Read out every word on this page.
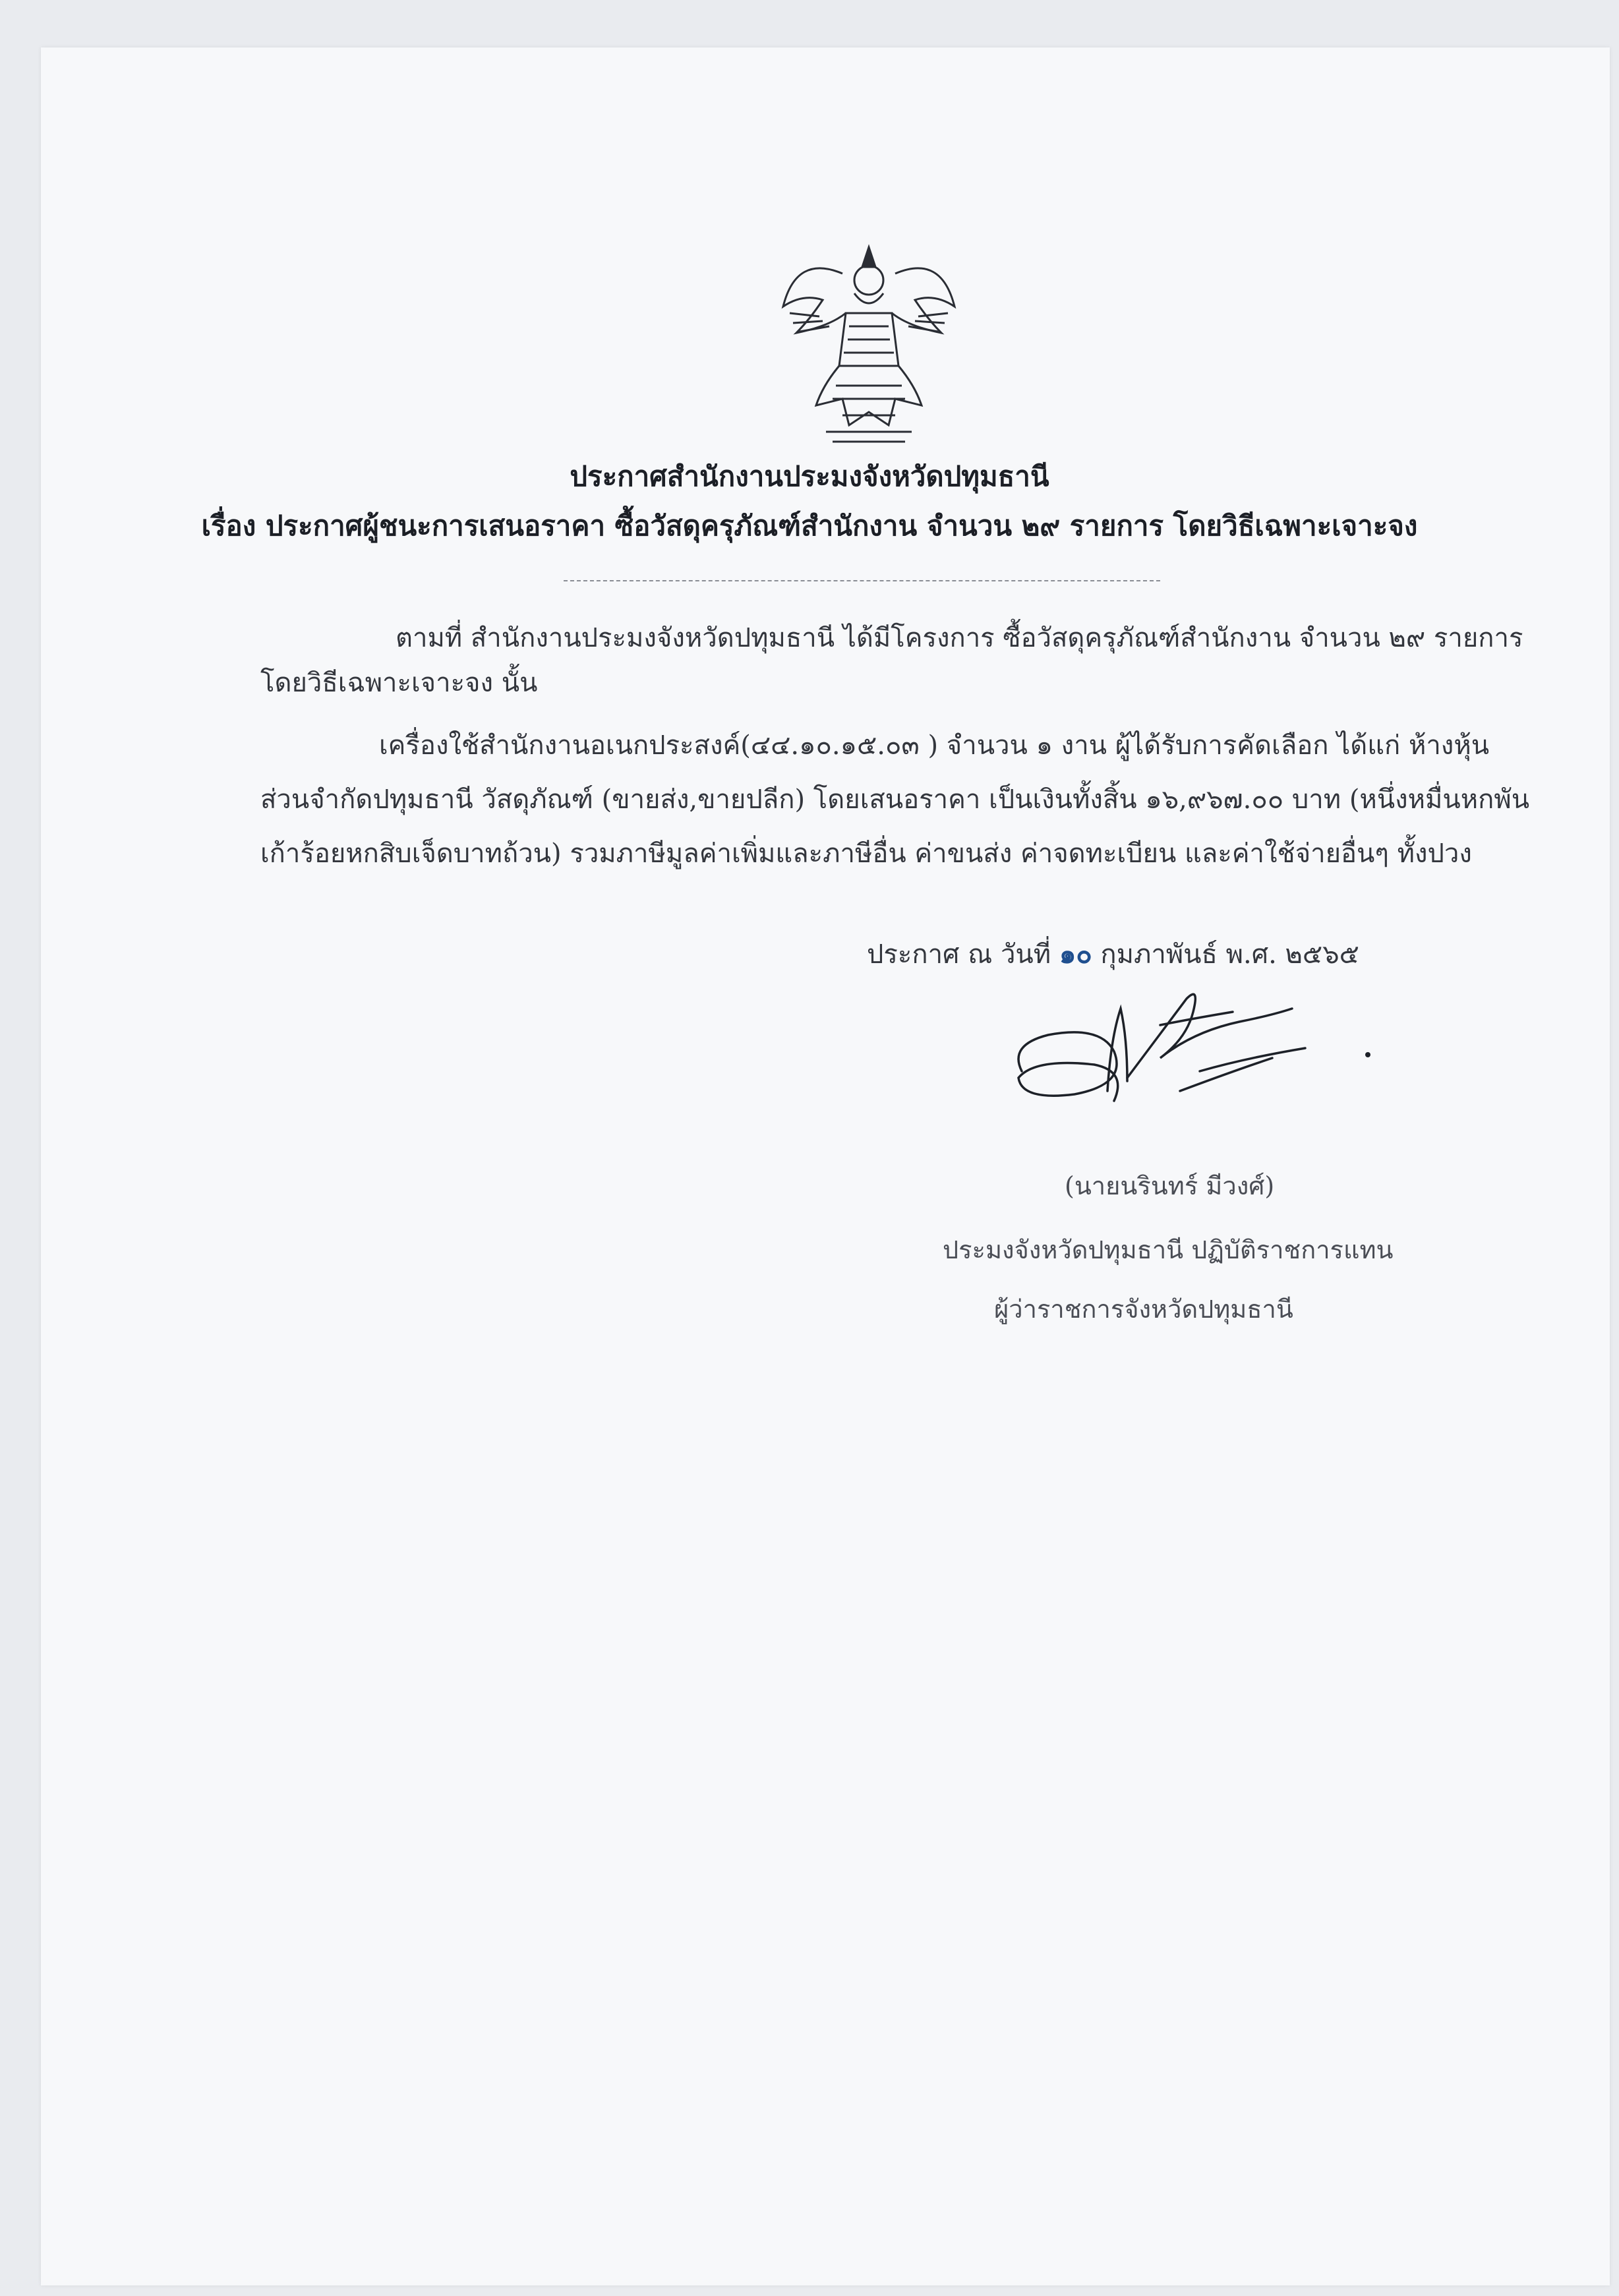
ประกาศสำนักงานประมงจังหวัดปทุมธานี
เรื่อง ประกาศผู้ชนะการเสนอราคา ซื้อวัสดุครุภัณฑ์สำนักงาน จำนวน ๒๙ รายการ โดยวิธีเฉพาะเจาะจง
ตามที่ สำนักงานประมงจังหวัดปทุมธานี ได้มีโครงการ ซื้อวัสดุครุภัณฑ์สำนักงาน จำนวน ๒๙ รายการ
โดยวิธีเฉพาะเจาะจง นั้น
เครื่องใช้สำนักงานอเนกประสงค์(๔๔.๑๐.๑๕.๐๓ ) จำนวน ๑ งาน ผู้ได้รับการคัดเลือก ได้แก่ ห้างหุ้น
ส่วนจำกัดปทุมธานี วัสดุภัณฑ์ (ขายส่ง,ขายปลีก) โดยเสนอราคา เป็นเงินทั้งสิ้น ๑๖,๙๖๗.๐๐ บาท (หนึ่งหมื่นหกพัน
เก้าร้อยหกสิบเจ็ดบาทถ้วน) รวมภาษีมูลค่าเพิ่มและภาษีอื่น ค่าขนส่ง ค่าจดทะเบียน และค่าใช้จ่ายอื่นๆ ทั้งปวง
ประกาศ ณ วันที่ ๑๐ กุมภาพันธ์ พ.ศ. ๒๕๖๕
(นายนรินทร์ มีวงศ์)
ประมงจังหวัดปทุมธานี ปฏิบัติราชการแทน
ผู้ว่าราชการจังหวัดปทุมธานี
